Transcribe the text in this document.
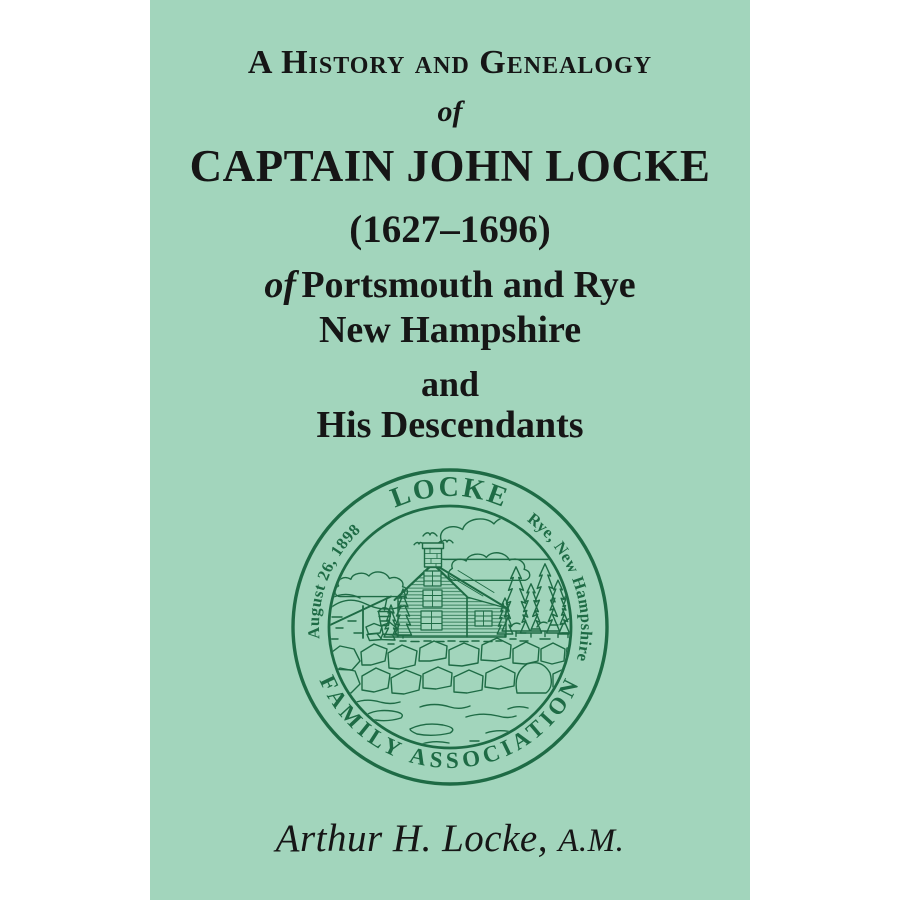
A History and Genealogy
of
CAPTAIN JOHN LOCKE
(1627–1696)
of Portsmouth and Rye
New Hampshire
and
His Descendants
LOCKE
August 26, 1898	Rye, New Hampshire
FAMILY ASSOCIATION
Arthur H. Locke, A.M.
